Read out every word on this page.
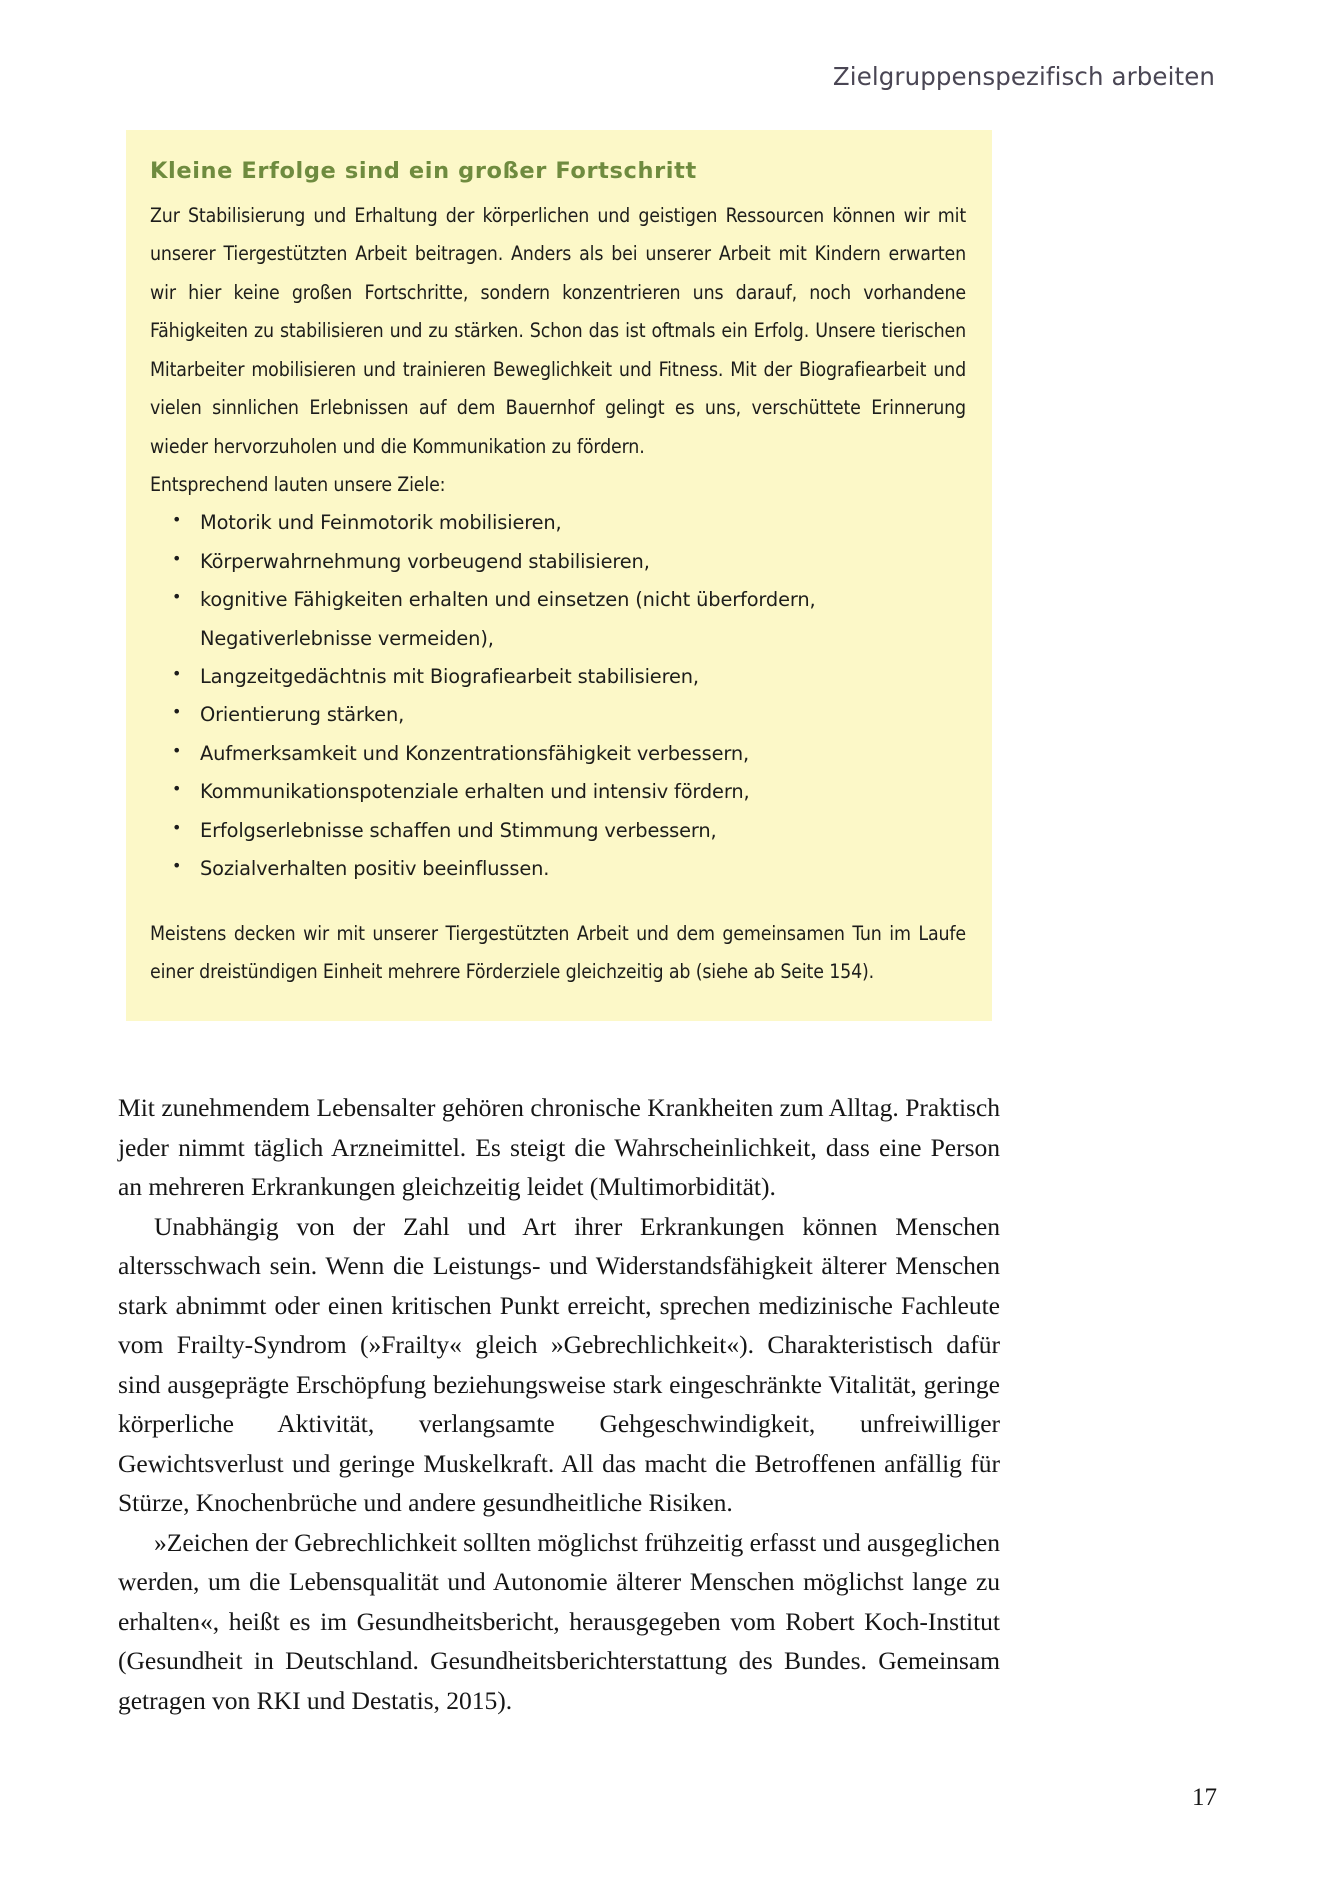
Zielgruppenspezifisch arbeiten
Kleine Erfolge sind ein großer Fortschritt

Zur Stabilisierung und Erhaltung der körperlichen und geistigen Ressourcen können wir mit unserer Tiergestützten Arbeit beitragen. Anders als bei unserer Arbeit mit Kindern erwarten wir hier keine großen Fortschritte, sondern konzentrieren uns darauf, noch vorhandene Fähigkeiten zu stabilisieren und zu stärken. Schon das ist oftmals ein Erfolg. Unsere tierischen Mitarbeiter mobilisieren und trainieren Beweglichkeit und Fitness. Mit der Biografiearbeit und vielen sinnlichen Erlebnissen auf dem Bauernhof gelingt es uns, verschüttete Erinnerung wieder hervorzuholen und die Kommunikation zu fördern.

Entsprechend lauten unsere Ziele:

• Motorik und Feinmotorik mobilisieren,
• Körperwahrnehmung vorbeugend stabilisieren,
• kognitive Fähigkeiten erhalten und einsetzen (nicht überfordern, Negativerlebnisse vermeiden),
• Langzeitgedächtnis mit Biografiearbeit stabilisieren,
• Orientierung stärken,
• Aufmerksamkeit und Konzentrationsfähigkeit verbessern,
• Kommunikationspotenziale erhalten und intensiv fördern,
• Erfolgserlebnisse schaffen und Stimmung verbessern,
• Sozialverhalten positiv beeinflussen.

Meistens decken wir mit unserer Tiergestützten Arbeit und dem gemeinsamen Tun im Laufe einer dreistündigen Einheit mehrere Förderziele gleichzeitig ab (siehe ab Seite 154).

Mit zunehmendem Lebensalter gehören chronische Krankheiten zum Alltag. Praktisch jeder nimmt täglich Arzneimittel. Es steigt die Wahrscheinlichkeit, dass eine Person an mehreren Erkrankungen gleichzeitig leidet (Multimorbidität).

Unabhängig von der Zahl und Art ihrer Erkrankungen können Menschen altersschwach sein. Wenn die Leistungs- und Widerstandsfähigkeit älterer Menschen stark abnimmt oder einen kritischen Punkt erreicht, sprechen medizinische Fachleute vom Frailty-Syndrom (»Frailty« gleich »Gebrechlichkeit«). Charakteristisch dafür sind ausgeprägte Erschöpfung beziehungsweise stark eingeschränkte Vitalität, geringe körperliche Aktivität, verlangsamte Gehgeschwindigkeit, unfreiwilliger Gewichtsverlust und geringe Muskelkraft. All das macht die Betroffenen anfällig für Stürze, Knochenbrüche und andere gesundheitliche Risiken.

»Zeichen der Gebrechlichkeit sollten möglichst frühzeitig erfasst und ausgeglichen werden, um die Lebensqualität und Autonomie älterer Menschen möglichst lange zu erhalten«, heißt es im Gesundheitsbericht, herausgegeben vom Robert Koch-Institut (Gesundheit in Deutschland. Gesundheitsberichterstattung des Bundes. Gemeinsam getragen von RKI und Destatis, 2015).

17
